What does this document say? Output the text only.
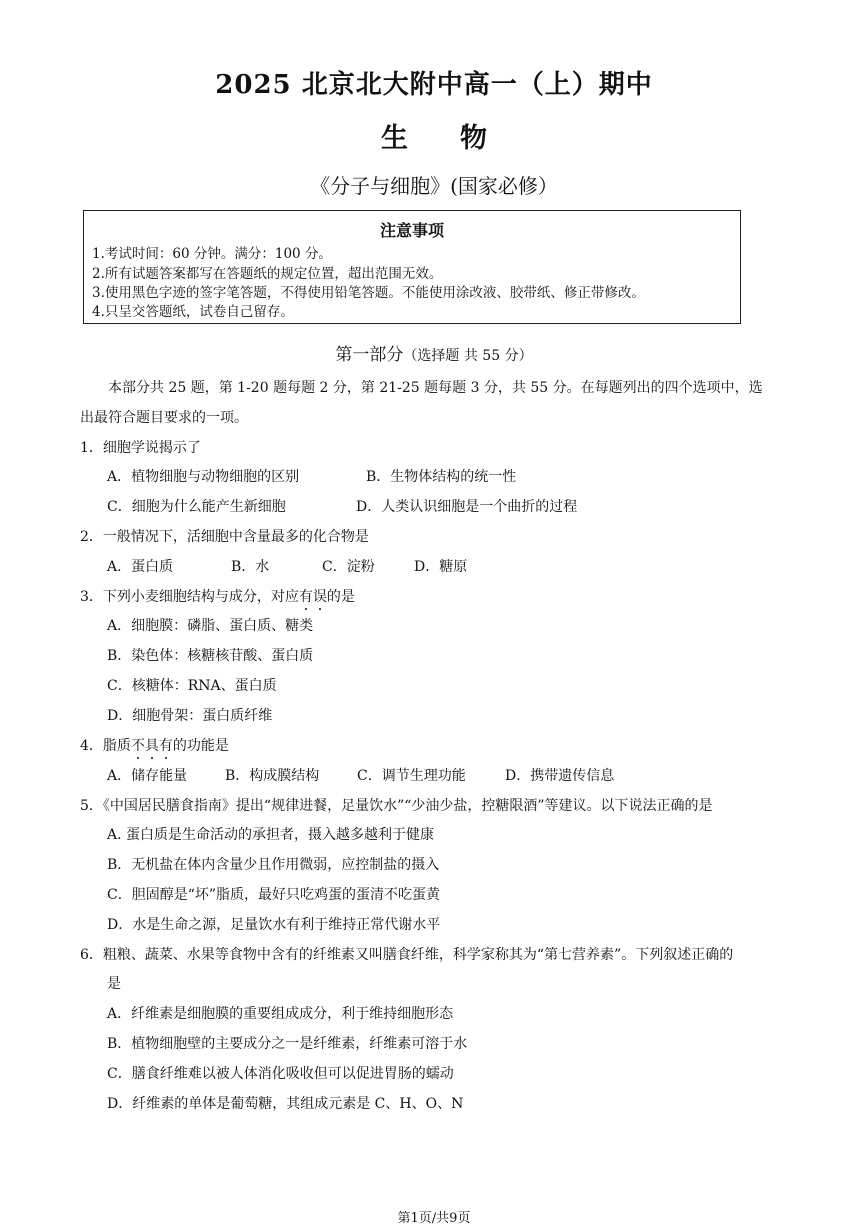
2025 北京北大附中高一（上）期中
生物
《分子与细胞》(国家必修）
注意事项
1.考试时间：60 分钟。满分：100 分。
2.所有试题答案都写在答题纸的规定位置，超出范围无效。
3.使用黑色字迹的签字笔答题，不得使用铅笔答题。不能使用涂改液、胶带纸、修正带修改。
4.只呈交答题纸，试卷自己留存。
第一部分（选择题 共 55 分）
本部分共 25 题，第 1-20 题每题 2 分，第 21-25 题每题 3 分，共 55 分。在每题列出的四个选项中，选
出最符合题目要求的一项。
1．细胞学说揭示了
A．植物细胞与动物细胞的区别	B．生物体结构的统一性
C．细胞为什么能产生新细胞	D．人类认识细胞是一个曲折的过程
2．一般情况下，活细胞中含量最多的化合物是
A．蛋白质	B．水	C．淀粉	D．糖原
3．下列小麦细胞结构与成分，对应有误的是
A．细胞膜：磷脂、蛋白质、糖类
B．染色体：核糖核苷酸、蛋白质
C．核糖体：RNA、蛋白质
D．细胞骨架：蛋白质纤维
4．脂质不具有的功能是
A．储存能量	B．构成膜结构	C．调节生理功能	D．携带遗传信息
5．《中国居民膳食指南》提出“规律进餐，足量饮水”“少油少盐，控糖限酒”等建议。以下说法正确的是
A. 蛋白质是生命活动的承担者，摄入越多越利于健康
B．无机盐在体内含量少且作用微弱，应控制盐的摄入
C．胆固醇是“坏”脂质，最好只吃鸡蛋的蛋清不吃蛋黄
D．水是生命之源，足量饮水有利于维持正常代谢水平
6．粗粮、蔬菜、水果等食物中含有的纤维素又叫膳食纤维，科学家称其为“第七营养素”。下列叙述正确的
是
A．纤维素是细胞膜的重要组成成分，利于维持细胞形态
B．植物细胞壁的主要成分之一是纤维素，纤维素可溶于水
C．膳食纤维难以被人体消化吸收但可以促进胃肠的蠕动
D．纤维素的单体是葡萄糖，其组成元素是 C、H、O、N
第1页/共9页
